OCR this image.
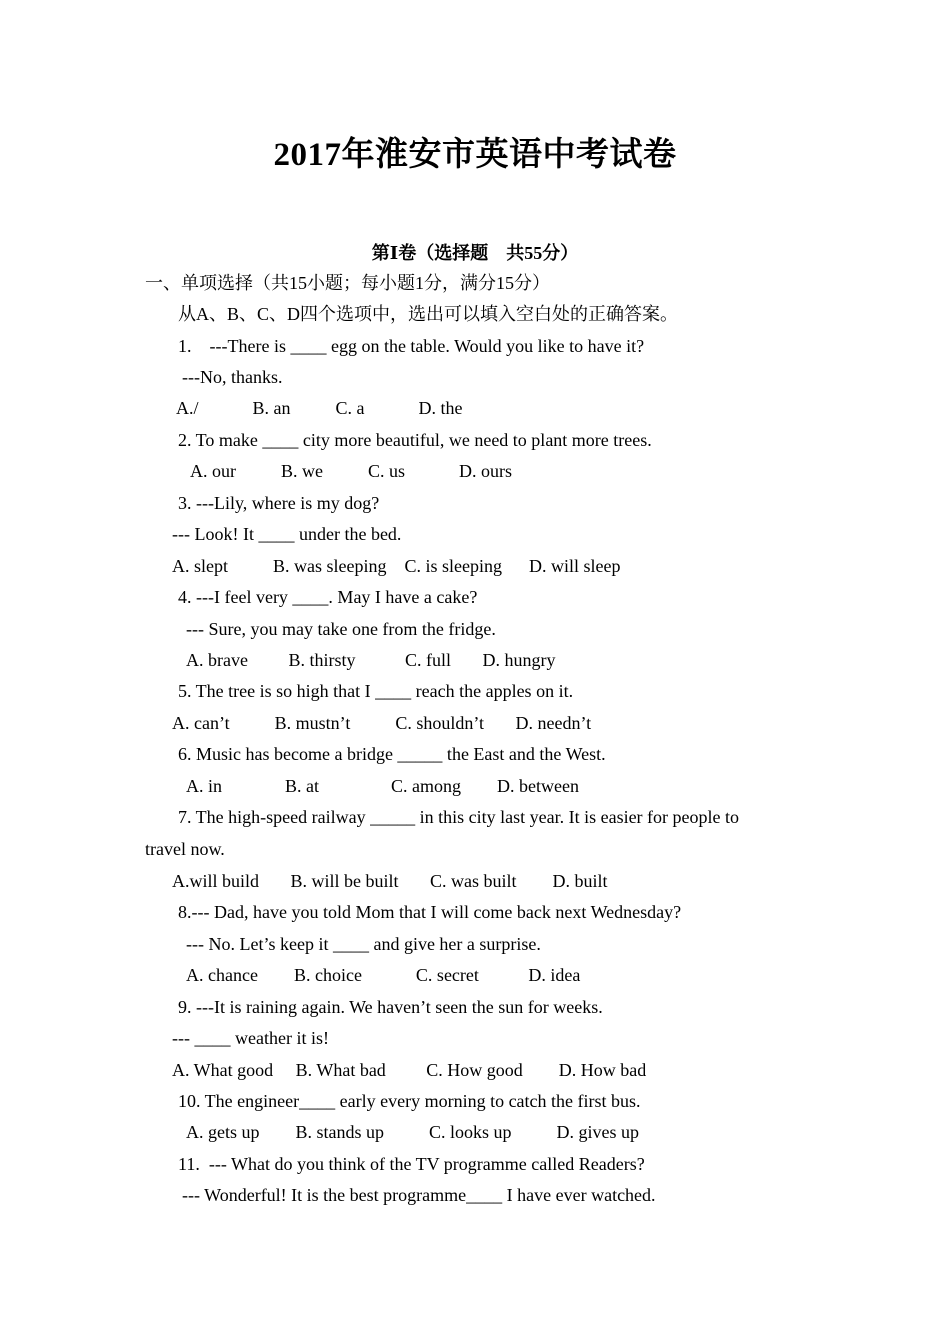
2017年淮安市英语中考试卷
第Ⅰ卷（选择题　共55分）
一、单项选择（共15小题；每小题1分，满分15分）
从A、B、C、D四个选项中，选出可以填入空白处的正确答案。
1.    ---There is ____ egg on the table. Would you like to have it?
---No, thanks.
A./            B. an          C. a            D. the
2. To make ____ city more beautiful, we need to plant more trees.
A. our          B. we          C. us            D. ours
3. ---Lily, where is my dog?
--- Look! It ____ under the bed.
A. slept          B. was sleeping    C. is sleeping      D. will sleep
4. ---I feel very ____. May I have a cake?
--- Sure, you may take one from the fridge.
A. brave         B. thirsty           C. full       D. hungry
5. The tree is so high that I ____ reach the apples on it.
A. can’t          B. mustn’t          C. shouldn’t       D. needn’t
6. Music has become a bridge _____ the East and the West.
A. in              B. at                C. among        D. between
7. The high-speed railway _____ in this city last year. It is easier for people to
travel now.
A.will build       B. will be built       C. was built        D. built
8.--- Dad, have you told Mom that I will come back next Wednesday?
--- No. Let’s keep it ____ and give her a surprise.
A. chance        B. choice            C. secret           D. idea
9. ---It is raining again. We haven’t seen the sun for weeks.
--- ____ weather it is!
A. What good     B. What bad         C. How good        D. How bad
10. The engineer____ early every morning to catch the first bus.
A. gets up        B. stands up          C. looks up          D. gives up
11.  --- What do you think of the TV programme called Readers?
--- Wonderful! It is the best programme____ I have ever watched.
